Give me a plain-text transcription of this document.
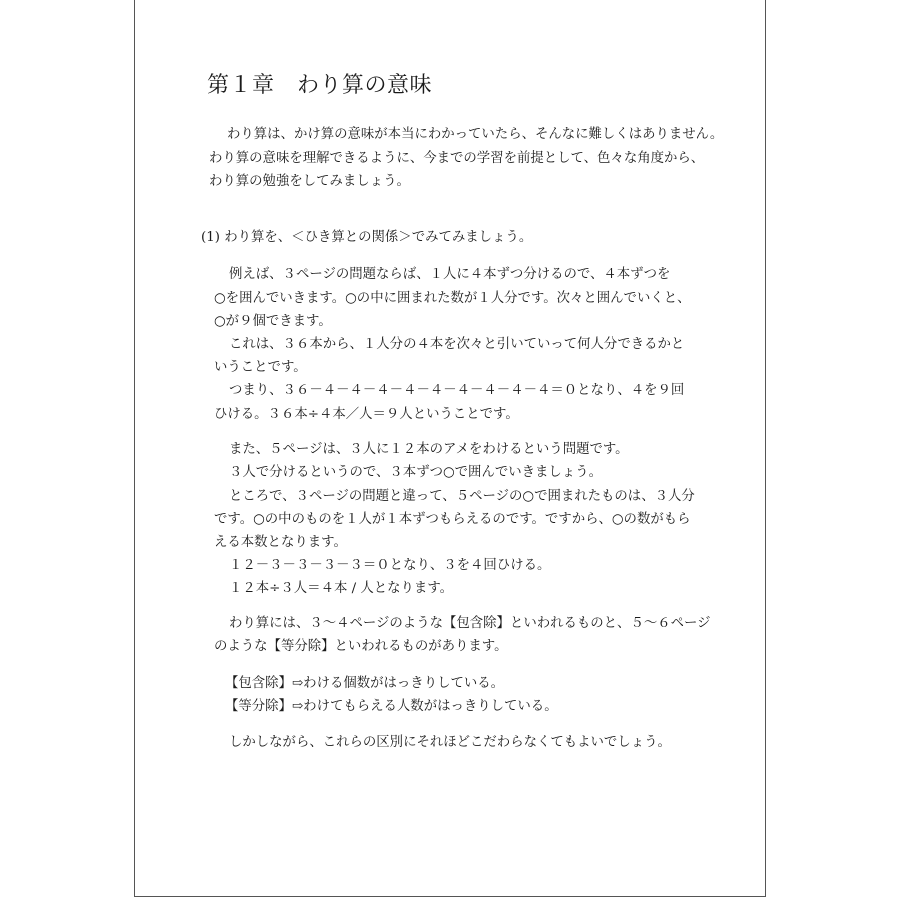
第１章　わり算の意味
わり算は、かけ算の意味が本当にわかっていたら、そんなに難しくはありません。
わり算の意味を理解できるように、今までの学習を前提として、色々な角度から、
わり算の勉強をしてみましょう。
(1) わり算を、＜ひき算との関係＞でみてみましょう。
例えば、３ページの問題ならば、１人に４本ずつ分けるので、４本ずつを
○を囲んでいきます。○の中に囲まれた数が１人分です。次々と囲んでいくと、
○が９個できます。
これは、３６本から、１人分の４本を次々と引いていって何人分できるかと
いうことです。
つまり、３６－４－４－４－４－４－４－４－４－４＝０となり、４を９回
ひける。３６本÷４本／人＝９人ということです。
また、５ページは、３人に１２本のアメをわけるという問題です。
３人で分けるというので、３本ずつ○で囲んでいきましょう。
ところで、３ページの問題と違って、５ページの○で囲まれたものは、３人分
です。○の中のものを１人が１本ずつもらえるのです。ですから、○の数がもら
える本数となります。
１２－３－３－３－３＝０となり、３を４回ひける。
１２本÷３人＝４本 / 人となります。
わり算には、３～４ページのような【包含除】といわれるものと、５～６ページ
のような【等分除】といわれるものがあります。
【包含除】⇨わける個数がはっきりしている。
【等分除】⇨わけてもらえる人数がはっきりしている。
しかしながら、これらの区別にそれほどこだわらなくてもよいでしょう。
